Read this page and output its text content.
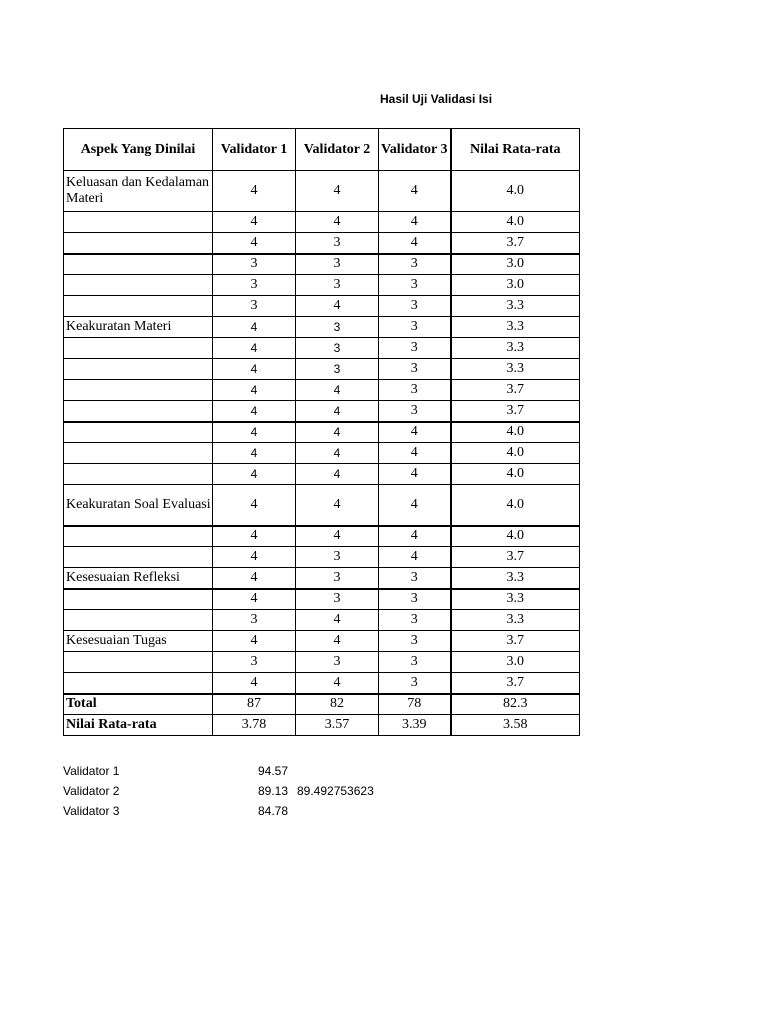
Hasil Uji Validasi Isi
Aspek Yang Dinilai	Validator 1	Validator 2	Validator 3	Nilai Rata-rata
Keluasan dan Kedalaman Materi	4	4	4	4.0
	4	4	4	4.0
	4	3	4	3.7
	3	3	3	3.0
	3	3	3	3.0
	3	4	3	3.3
Keakuratan Materi	4	3	3	3.3
	4	3	3	3.3
	4	3	3	3.3
	4	4	3	3.7
	4	4	3	3.7
	4	4	4	4.0
	4	4	4	4.0
	4	4	4	4.0
Keakuratan Soal Evaluasi	4	4	4	4.0
	4	4	4	4.0
	4	3	4	3.7
Kesesuaian Refleksi	4	3	3	3.3
	4	3	3	3.3
	3	4	3	3.3
Kesesuaian Tugas	4	4	3	3.7
	3	3	3	3.0
	4	4	3	3.7
Total	87	82	78	82.3
Nilai Rata-rata	3.78	3.57	3.39	3.58
Validator 1	94.57
Validator 2	89.13 89.492753623
Validator 3	84.78
